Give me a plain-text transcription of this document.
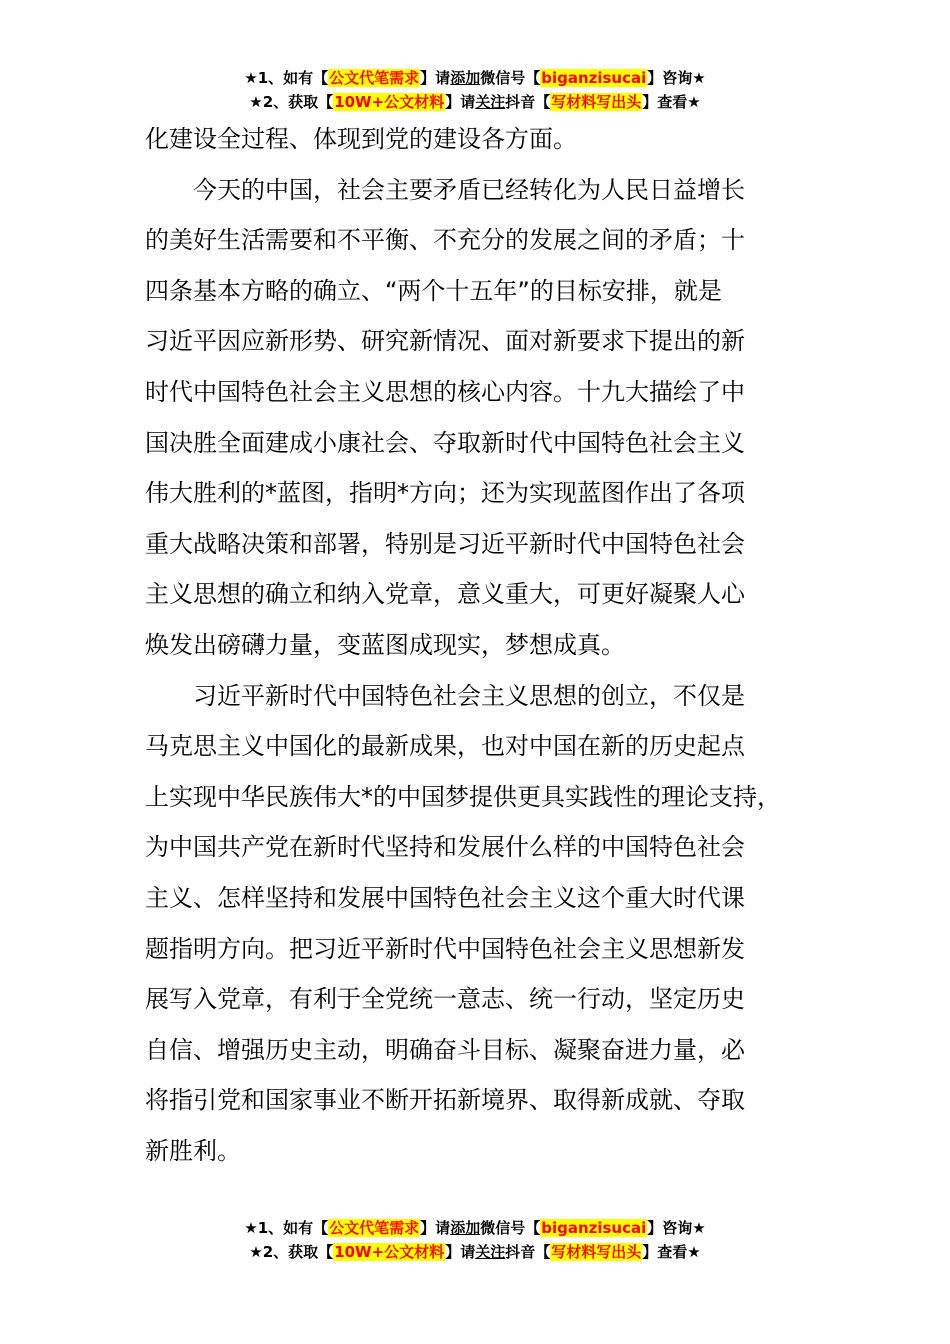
★1、如有【公文代笔需求】请添加微信号【biganzisucai】咨询★
★2、获取【10W+公文材料】请关注抖音【写材料写出头】查看★

化建设全过程、体现到党的建设各方面。

今天的中国，社会主要矛盾已经转化为人民日益增长
的美好生活需要和不平衡、不充分的发展之间的矛盾；十
四条基本方略的确立、“两个十五年”的目标安排，就是
习近平因应新形势、研究新情况、面对新要求下提出的新
时代中国特色社会主义思想的核心内容。十九大描绘了中
国决胜全面建成小康社会、夺取新时代中国特色社会主义
伟大胜利的*蓝图，指明*方向；还为实现蓝图作出了各项
重大战略决策和部署，特别是习近平新时代中国特色社会
主义思想的确立和纳入党章，意义重大，可更好凝聚人心
焕发出磅礴力量，变蓝图成现实，梦想成真。

习近平新时代中国特色社会主义思想的创立，不仅是
马克思主义中国化的最新成果，也对中国在新的历史起点
上实现中华民族伟大*的中国梦提供更具实践性的理论支持，
为中国共产党在新时代坚持和发展什么样的中国特色社会
主义、怎样坚持和发展中国特色社会主义这个重大时代课
题指明方向。把习近平新时代中国特色社会主义思想新发
展写入党章，有利于全党统一意志、统一行动，坚定历史
自信、增强历史主动，明确奋斗目标、凝聚奋进力量，必
将指引党和国家事业不断开拓新境界、取得新成就、夺取
新胜利。

★1、如有【公文代笔需求】请添加微信号【biganzisucai】咨询★
★2、获取【10W+公文材料】请关注抖音【写材料写出头】查看★
